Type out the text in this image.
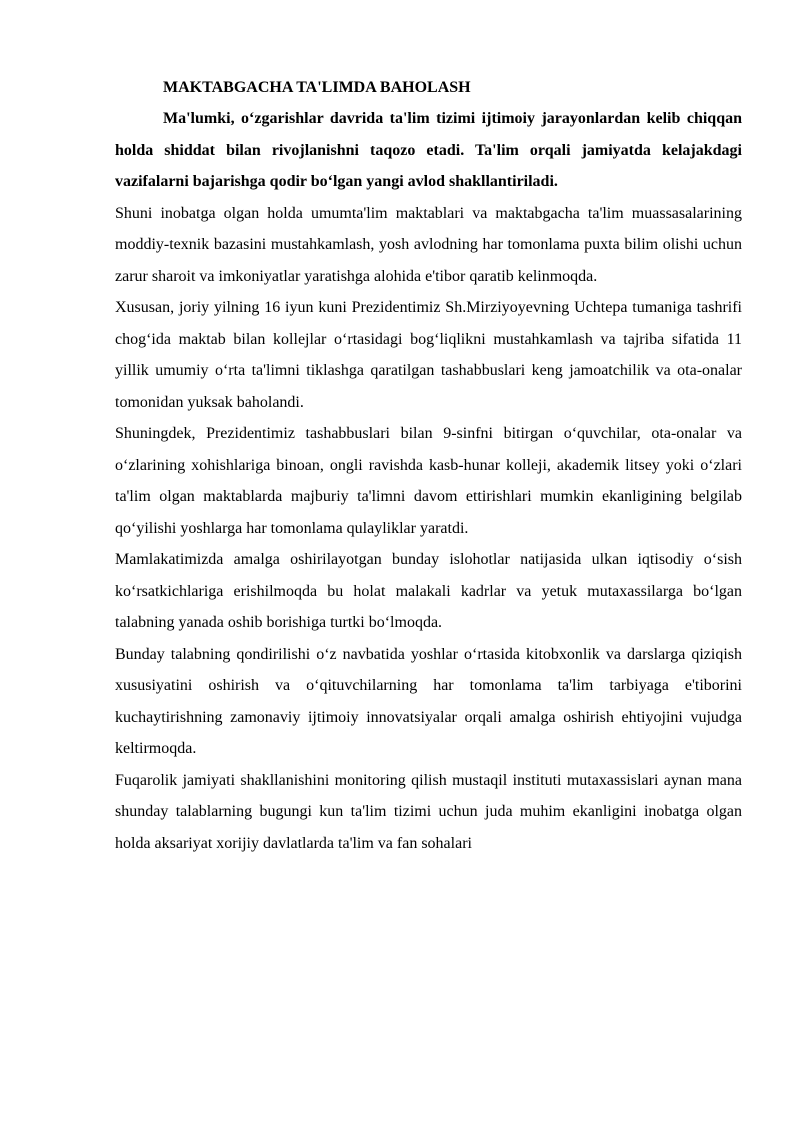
MAKTABGACHA TA'LIMDA BAHOLASH

Ma'lumki, o‘zgarishlar davrida ta'lim tizimi ijtimoiy jarayonlardan kelib chiqqan holda shiddat bilan rivojlanishni taqozo etadi. Ta'lim orqali jamiyatda kelajakdagi vazifalarni bajarishga qodir bo‘lgan yangi avlod shakllantiriladi.

Shuni inobatga olgan holda umumta'lim maktablari va maktabgacha ta'lim muassasalarining moddiy-texnik bazasini mustahkamlash, yosh avlodning har tomonlama puxta bilim olishi uchun zarur sharoit va imkoniyatlar yaratishga alohida e'tibor qaratib kelinmoqda.

Xususan, joriy yilning 16 iyun kuni Prezidentimiz Sh.Mirziyoyevning Uchtepa tumaniga tashrifi chog‘ida maktab bilan kollejlar o‘rtasidagi bog‘liqlikni mustahkamlash va tajriba sifatida 11 yillik umumiy o‘rta ta'limni tiklashga qaratilgan tashabbuslari keng jamoatchilik va ota-onalar tomonidan yuksak baholandi.

Shuningdek, Prezidentimiz tashabbuslari bilan 9-sinfni bitirgan o‘quvchilar, ota-onalar va o‘zlarining xohishlariga binoan, ongli ravishda kasb-hunar kolleji, akademik litsey yoki o‘zlari ta'lim olgan maktablarda majburiy ta'limni davom ettirishlari mumkin ekanligining belgilab qo‘yilishi yoshlarga har tomonlama qulayliklar yaratdi.

Mamlakatimizda amalga oshirilayotgan bunday islohotlar natijasida ulkan iqtisodiy o‘sish ko‘rsatkichlariga erishilmoqda bu holat malakali kadrlar va yetuk mutaxassilarga bo‘lgan talabning yanada oshib borishiga turtki bo‘lmoqda.

Bunday talabning qondirilishi o‘z navbatida yoshlar o‘rtasida kitobxonlik va darslarga qiziqish xususiyatini oshirish va o‘qituvchilarning har tomonlama ta'lim tarbiyaga e'tiborini kuchaytirishning zamonaviy ijtimoiy innovatsiyalar orqali amalga oshirish ehtiyojini vujudga keltirmoqda.

Fuqarolik jamiyati shakllanishini monitoring qilish mustaqil instituti mutaxassislari aynan mana shunday talablarning bugungi kun ta'lim tizimi uchun juda muhim ekanligini inobatga olgan holda aksariyat xorijiy davlatlarda ta'lim va fan sohalari
